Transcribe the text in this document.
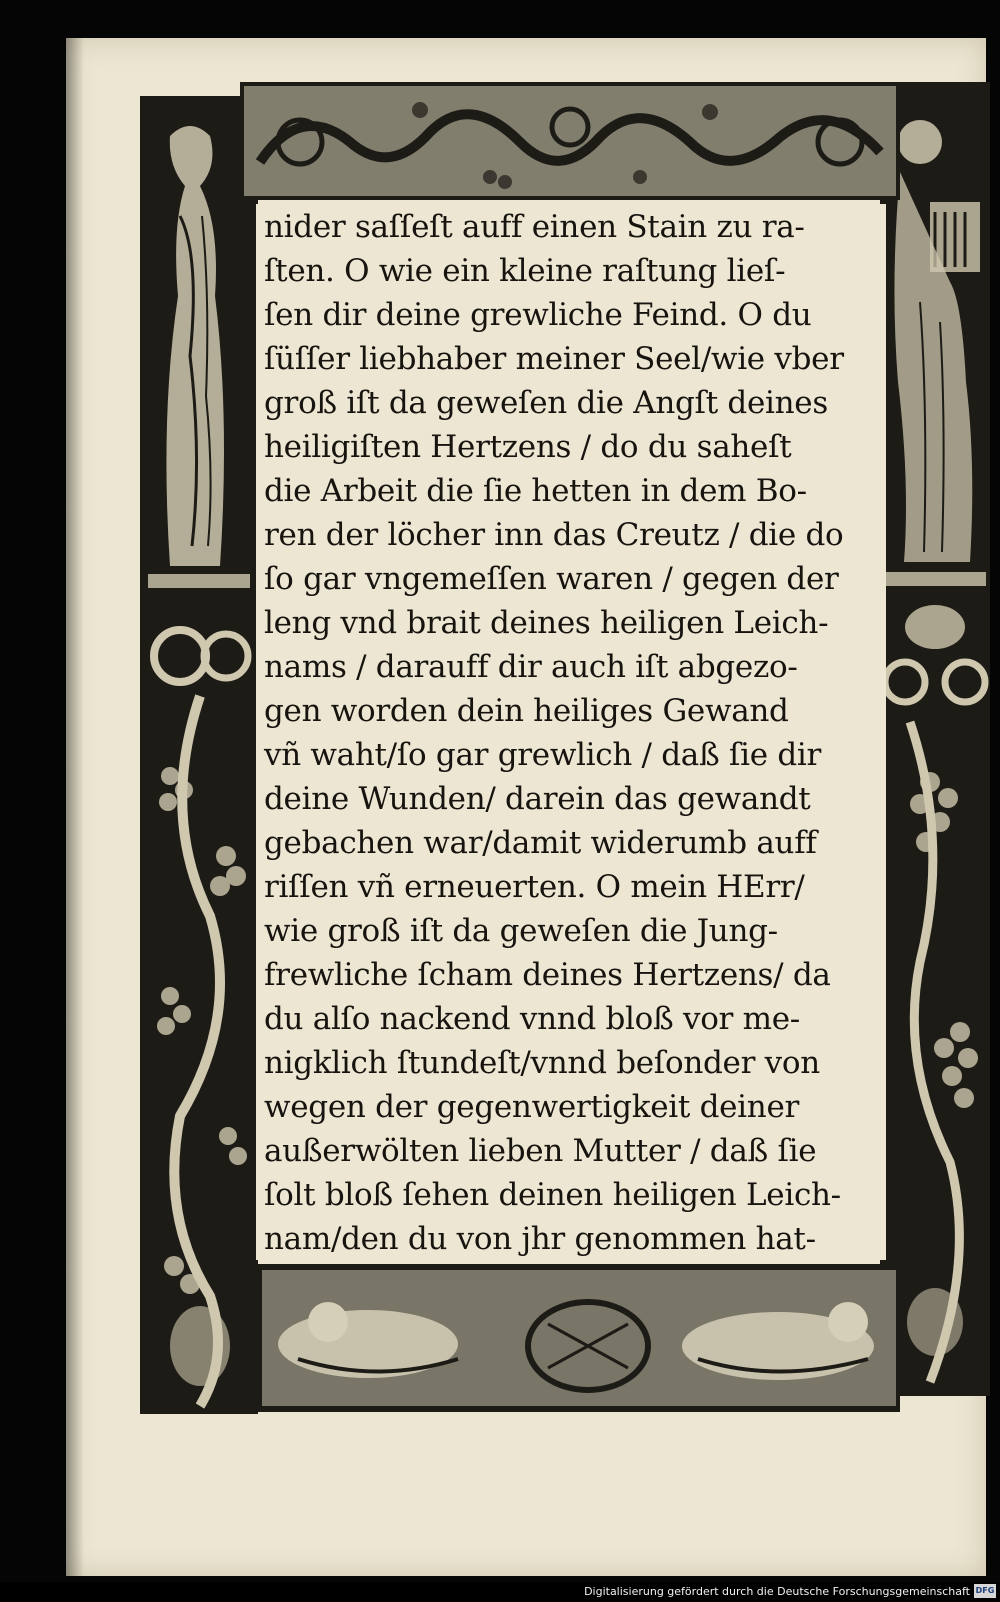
nider saſſeſt auff einen Stain zu ra-
ſten. O wie ein kleine raſtung lieſ-
ſen dir deine grewliche Feind. O du
ſüſſer liebhaber meiner Seel/wie vber
groß iſt da geweſen die Angſt deines
heiligiſten Hertzens / do du saheſt
die Arbeit die ſie hetten in dem Bo-
ren der löcher inn das Creutz / die do
ſo gar vngemeſſen waren / gegen der
leng vnd brait deines heiligen Leich-
nams / darauff dir auch iſt abgezo-
gen worden dein heiliges Gewand
vñ waht/ſo gar grewlich / daß ſie dir
deine Wunden/ darein das gewandt
gebachen war/damit widerumb auff
riſſen vñ erneuerten. O mein HErr/
wie groß iſt da geweſen die Jung-
frewliche ſcham deines Hertzens/ da
du alſo nackend vnnd bloß vor me-
nigklich ſtundeſt/vnnd beſonder von
wegen der gegenwertigkeit deiner
außerwölten lieben Mutter / daß ſie
ſolt bloß ſehen deinen heiligen Leich-
nam/den du von jhr genommen hat-
Digitalisierung gefördert durch die Deutsche Forschungsgemeinschaft DFG
